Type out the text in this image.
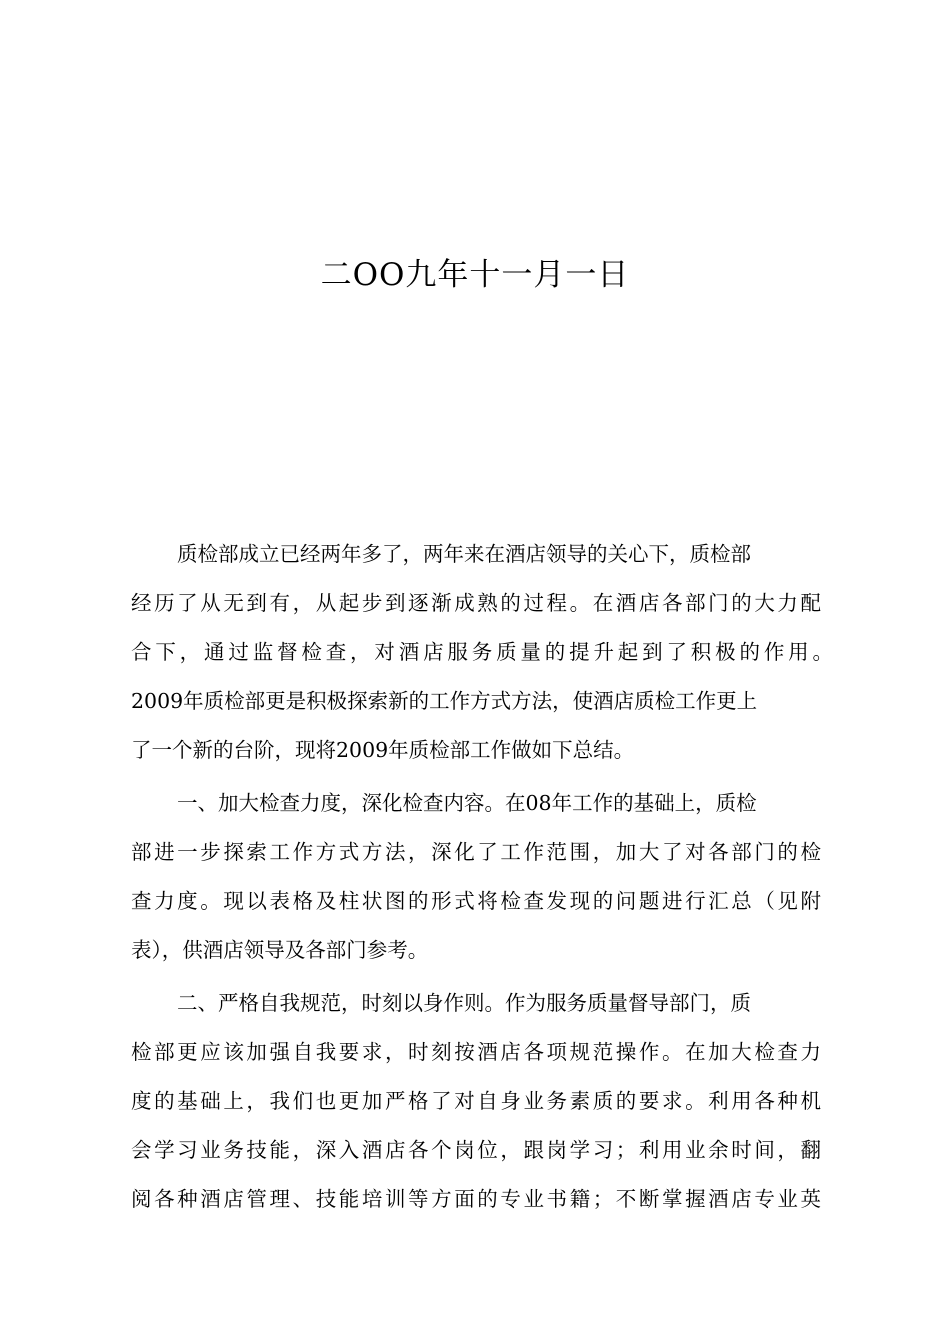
二OO九年十一月一日
质检部成立已经两年多了，两年来在酒店领导的关心下，质检部
经历了从无到有，从起步到逐渐成熟的过程。在酒店各部门的大力配
合下，通过监督检查，对酒店服务质量的提升起到了积极的作用。
2009年质检部更是积极探索新的工作方式方法，使酒店质检工作更上
了一个新的台阶，现将2009年质检部工作做如下总结。
一、加大检查力度，深化检查内容。在08年工作的基础上，质检
部进一步探索工作方式方法，深化了工作范围，加大了对各部门的检
查力度。现以表格及柱状图的形式将检查发现的问题进行汇总（见附
表），供酒店领导及各部门参考。
二、严格自我规范，时刻以身作则。作为服务质量督导部门，质
检部更应该加强自我要求，时刻按酒店各项规范操作。在加大检查力
度的基础上，我们也更加严格了对自身业务素质的要求。利用各种机
会学习业务技能，深入酒店各个岗位，跟岗学习；利用业余时间，翻
阅各种酒店管理、技能培训等方面的专业书籍；不断掌握酒店专业英
